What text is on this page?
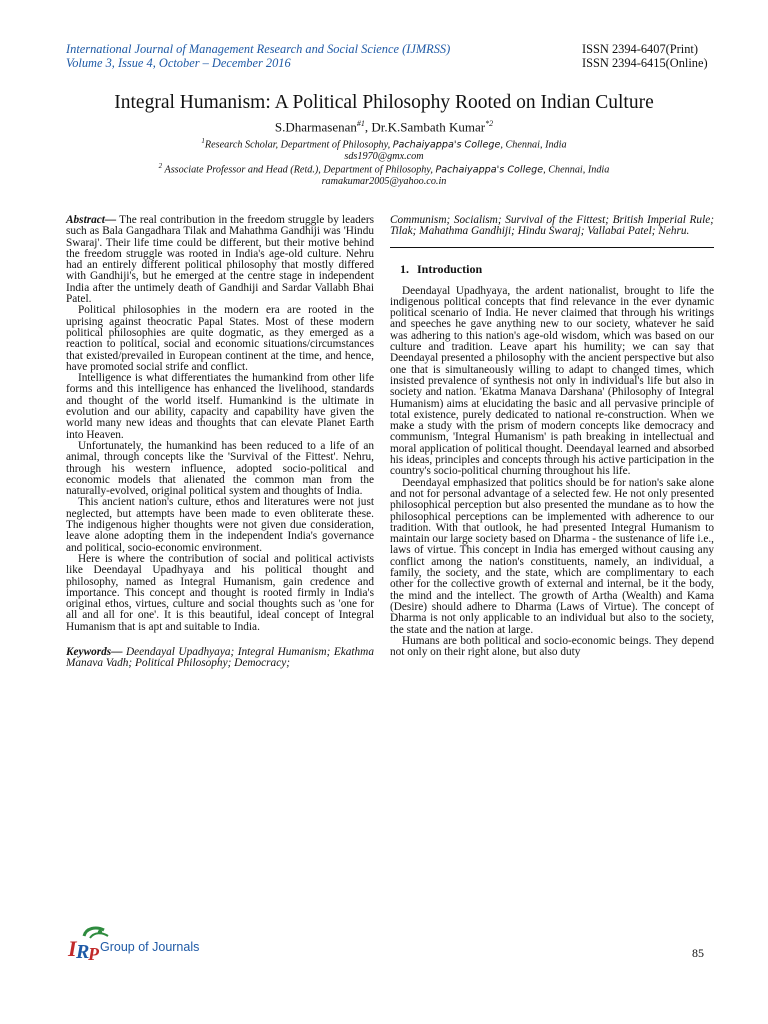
International Journal of Management Research and Social Science (IJMRSS)
Volume 3, Issue 4, October – December 2016
ISSN 2394-6407(Print)
ISSN 2394-6415(Online)
Integral Humanism: A Political Philosophy Rooted on Indian Culture
S.Dharmasenan$^{\#1}$, Dr.K.Sambath Kumar$^{*2}$
$^1$Research Scholar, Department of Philosophy, Pachaiyappa's College, Chennai, India
sds1970@gmx.com
$^2$ Associate Professor and Head (Retd.), Department of Philosophy, Pachaiyappa's College, Chennai, India
ramakumar2005@yahoo.co.in

Abstract— The real contribution in the freedom struggle by leaders such as Bala Gangadhara Tilak and Mahathma Gandhiji was 'Hindu Swaraj'. Their life time could be different, but their motive behind the freedom struggle was rooted in India's age-old culture. Nehru had an entirely different political philosophy that mostly differed with Gandhiji's, but he emerged at the centre stage in independent India after the untimely death of Gandhiji and Sardar Vallabh Bhai Patel.

Political philosophies in the modern era are rooted in the uprising against theocratic Papal States. Most of these modern political philosophies are quite dogmatic, as they emerged as a reaction to political, social and economic situations/circumstances that existed/prevailed in European continent at the time, and hence, have promoted social strife and conflict.

Intelligence is what differentiates the humankind from other life forms and this intelligence has enhanced the livelihood, standards and thought of the world itself. Humankind is the ultimate in evolution and our ability, capacity and capability have given the world many new ideas and thoughts that can elevate Planet Earth into Heaven.

Unfortunately, the humankind has been reduced to a life of an animal, through concepts like the 'Survival of the Fittest'. Nehru, through his western influence, adopted socio-political and economic models that alienated the common man from the naturally-evolved, original political system and thoughts of India.

This ancient nation's culture, ethos and literatures were not just neglected, but attempts have been made to even obliterate these. The indigenous higher thoughts were not given due consideration, leave alone adopting them in the independent India's governance and political, socio-economic environment.

Here is where the contribution of social and political activists like Deendayal Upadhyaya and his political thought and philosophy, named as Integral Humanism, gain credence and importance. This concept and thought is rooted firmly in India's original ethos, virtues, culture and social thoughts such as 'one for all and all for one'. It is this beautiful, ideal concept of Integral Humanism that is apt and suitable to India.

Keywords— Deendayal Upadhyaya; Integral Humanism; Ekathma Manava Vadh; Political Philosophy; Democracy;

Communism; Socialism; Survival of the Fittest; British Imperial Rule; Tilak; Mahathma Gandhiji; Hindu Swaraj; Vallabai Patel; Nehru.

1. Introduction

Deendayal Upadhyaya, the ardent nationalist, brought to life the indigenous political concepts that find relevance in the ever dynamic political scenario of India. He never claimed that through his writings and speeches he gave anything new to our society, whatever he said was adhering to this nation's age-old wisdom, which was based on our culture and tradition. Leave apart his humility; we can say that Deendayal presented a philosophy with the ancient perspective but also one that is simultaneously willing to adapt to changed times, which insisted prevalence of synthesis not only in individual's life but also in society and nation. 'Ekatma Manava Darshana' (Philosophy of Integral Humanism) aims at elucidating the basic and all pervasive principle of total existence, purely dedicated to national re-construction. When we make a study with the prism of modern concepts like democracy and communism, 'Integral Humanism' is path breaking in intellectual and moral application of political thought. Deendayal learned and absorbed his ideas, principles and concepts through his active participation in the country's socio-political churning throughout his life.

Deendayal emphasized that politics should be for nation's sake alone and not for personal advantage of a selected few. He not only presented philosophical perception but also presented the mundane as to how the philosophical perceptions can be implemented with adherence to our tradition. With that outlook, he had presented Integral Humanism to maintain our large society based on Dharma - the sustenance of life i.e., laws of virtue. This concept in India has emerged without causing any conflict among the nation's constituents, namely, an individual, a family, the society, and the state, which are complimentary to each other for the collective growth of external and internal, be it the body, the mind and the intellect. The growth of Artha (Wealth) and Kama (Desire) should adhere to Dharma (Laws of Virtue). The concept of Dharma is not only applicable to an individual but also to the society, the state and the nation at large.

Humans are both political and socio-economic beings. They depend not only on their right alone, but also duty

I R
P Group of Journals	85
